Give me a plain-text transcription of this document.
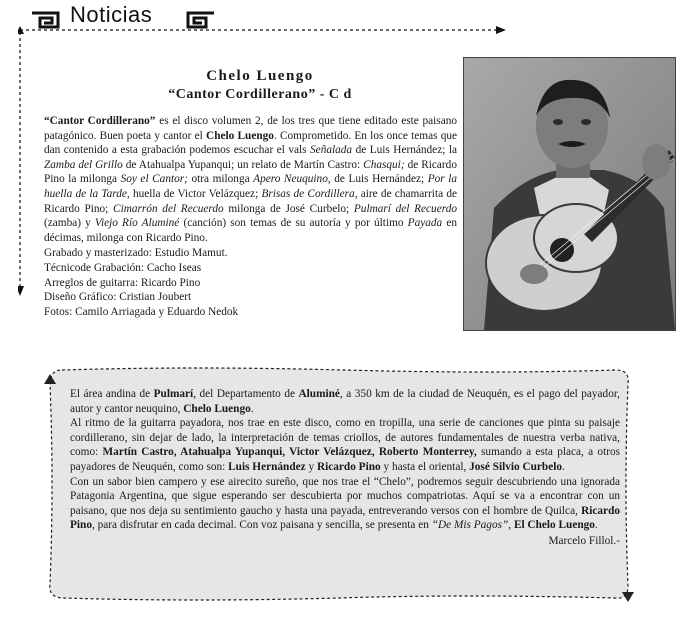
Noticias
Chelo Luengo
“Cantor Cordillerano” - C d

“Cantor Cordillerano” es el disco volumen 2, de los tres que tiene editado este paisano patagónico. Buen poeta y cantor el Chelo Luengo. Comprometido. En los once temas que dan contenido a esta grabación podemos escuchar el vals Señalada de Luis Hernández; la Zamba del Grillo de Atahualpa Yupanqui; un relato de Martín Castro: Chasqui; de Ricardo Pino la milonga Soy el Cantor; otra milonga Apero Neuquino, de Luis Hernández; Por la huella de la Tarde, huella de Victor Velázquez; Brisas de Cordillera, aire de chamarrita de Ricardo Pino; Cimarrón del Recuerdo milonga de José Curbelo; Pulmarí del Recuerdo (zamba) y Viejo Río Aluminé (canción) son temas de su autoría y por último Payada en décimas, milonga con Ricardo Pino.

Grabado y masterizado: Estudio Mamut.
Técnicode Grabación: Cacho Iseas
Arreglos de guitarra: Ricardo Pino
Diseño Gráfico: Cristian Joubert
Fotos: Camilo Arriagada y Eduardo Nedok

El área andina de Pulmarí, del Departamento de Aluminé, a 350 km de la ciudad de Neuquén, es el pago del payador, autor y cantor neuquino, Chelo Luengo.

Al ritmo de la guitarra payadora, nos trae en este disco, como en tropilla, una serie de canciones que pinta su paisaje cordillerano, sin dejar de lado, la interpretación de temas criollos, de autores fundamentales de nuestra verba nativa, como: Martín Castro, Atahualpa Yupanqui, Victor Velázquez, Roberto Monterrey, sumando a esta placa, a otros payadores de Neuquén, como son: Luis Hernández y Ricardo Pino y hasta el oriental, José Silvio Curbelo.

Con un sabor bien campero y ese airecito sureño, que nos trae el “Chelo”, podremos seguir descubriendo una ignorada Patagonia Argentina, que sigue esperando ser descubierta por muchos compatriotas. Aquí se va a encontrar con un paisano, que nos deja su sentimiento gaucho y hasta una payada, entreverando versos con el hombre de Quilca, Ricardo Pino, para disfrutar en cada decimal. Con voz paisana y sencilla, se presenta en “De Mis Pagos”, El Chelo Luengo.

Marcelo Fillol.-
